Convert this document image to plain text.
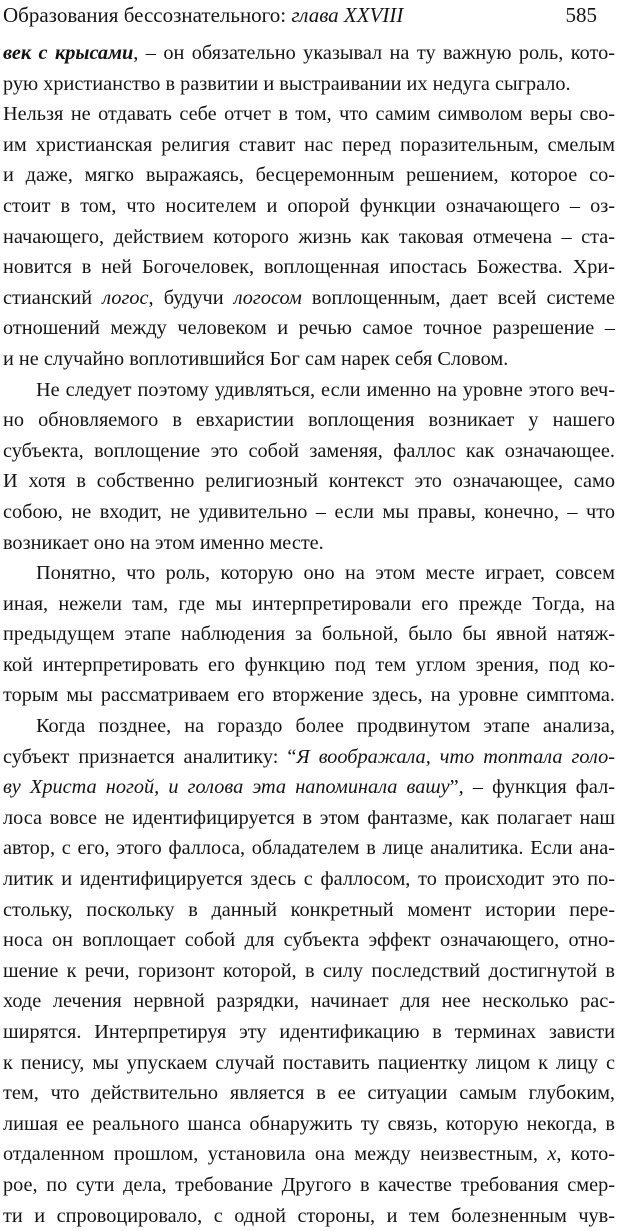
Образования бессознательного: глава XXVIII	585
век с крысами, – он обязательно указывал на ту важную роль, кото-
рую христианство в развитии и выстраивании их недуга сыграло.
Нельзя не отдавать себе отчет в том, что самим символом веры сво-
им христианская религия ставит нас перед поразительным, смелым
и даже, мягко выражаясь, бесцеремонным решением, которое со-
стоит в том, что носителем и опорой функции означающего – оз-
начающего, действием которого жизнь как таковая отмечена – ста-
новится в ней Богочеловек, воплощенная ипостась Божества. Хри-
стианский логос, будучи логосом воплощенным, дает всей системе
отношений между человеком и речью самое точное разрешение –
и не случайно воплотившийся Бог сам нарек себя Словом.
Не следует поэтому удивляться, если именно на уровне этого веч-
но обновляемого в евхаристии воплощения возникает у нашего
субъекта, воплощение это собой заменяя, фаллос как означающее.
И хотя в собственно религиозный контекст это означающее, само
собою, не входит, не удивительно – если мы правы, конечно, – что
возникает оно на этом именно месте.
Понятно, что роль, которую оно на этом месте играет, совсем
иная, нежели там, где мы интерпретировали его прежде Тогда, на
предыдущем этапе наблюдения за больной, было бы явной натяж-
кой интерпретировать его функцию под тем углом зрения, под ко-
торым мы рассматриваем его вторжение здесь, на уровне симптома.
Когда позднее, на гораздо более продвинутом этапе анализа,
субъект признается аналитику: “Я воображала, что топтала голо-
ву Христа ногой, и голова эта напоминала вашу”, – функция фал-
лоса вовсе не идентифицируется в этом фантазме, как полагает наш
автор, с его, этого фаллоса, обладателем в лице аналитика. Если ана-
литик и идентифицируется здесь с фаллосом, то происходит это по-
стольку, поскольку в данный конкретный момент истории пере-
носа он воплощает собой для субъекта эффект означающего, отно-
шение к речи, горизонт которой, в силу последствий достигнутой в
ходе лечения нервной разрядки, начинает для нее несколько рас-
ширятся. Интерпретируя эту идентификацию в терминах зависти
к пенису, мы упускаем случай поставить пациентку лицом к лицу с
тем, что действительно является в ее ситуации самым глубоким,
лишая ее реального шанса обнаружить ту связь, которую некогда, в
отдаленном прошлом, установила она между неизвестным, x, кото-
рое, по сути дела, требование Другого в качестве требования смер-
ти и спровоцировало, с одной стороны, и тем болезненным чув-
